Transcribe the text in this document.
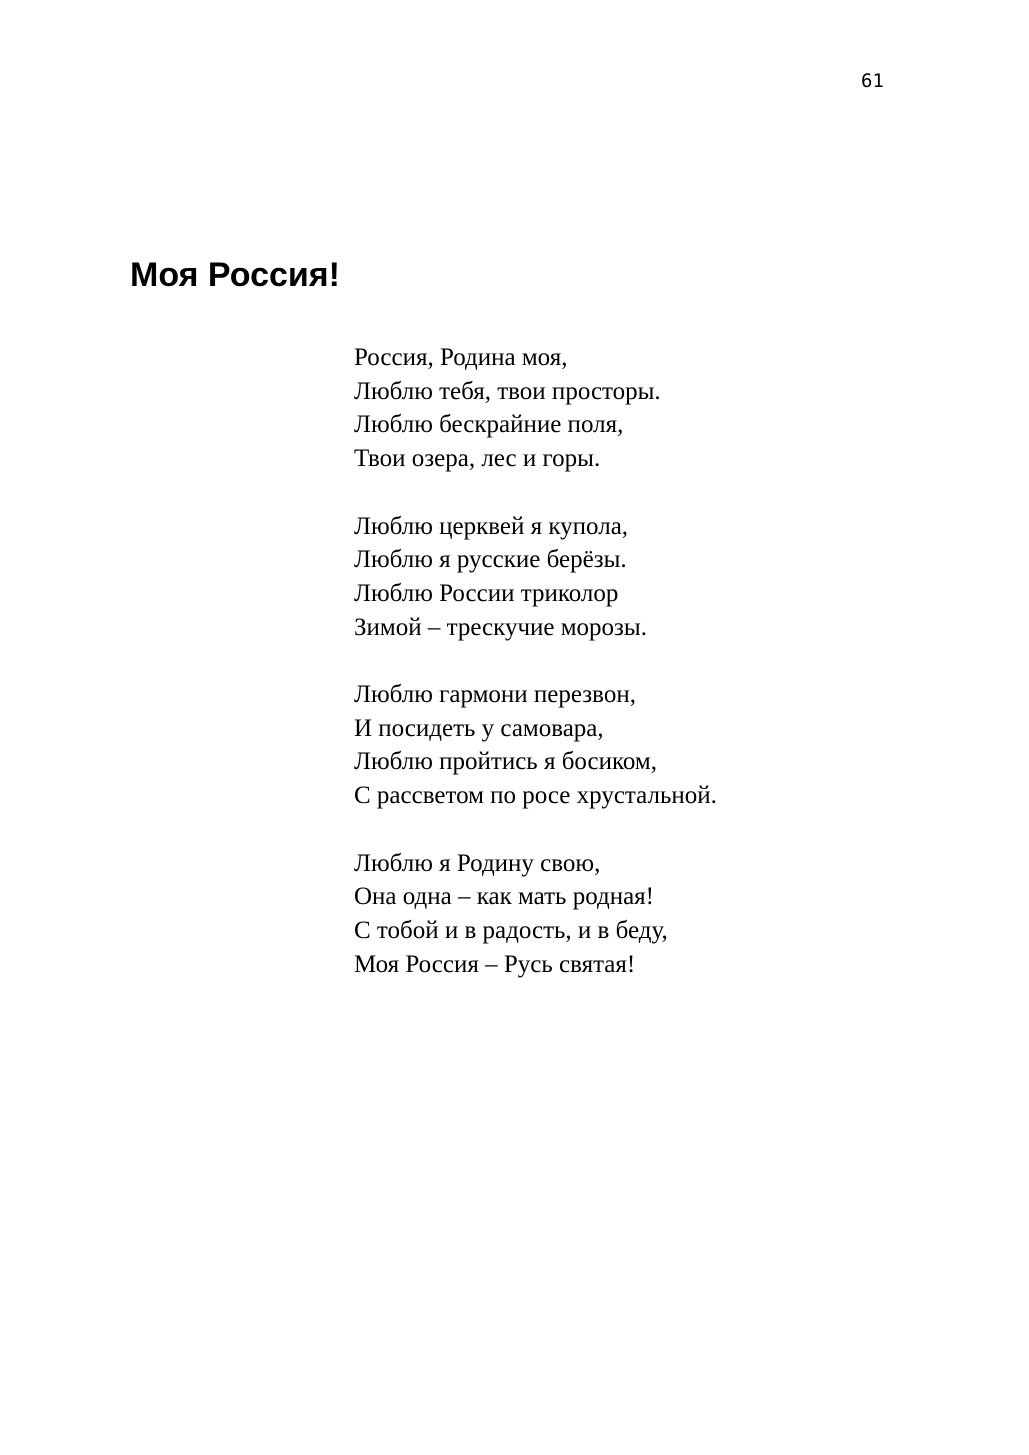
61
Моя Россия!
Россия, Родина моя,
Люблю тебя, твои просторы.
Люблю бескрайние поля,
Твои озера, лес и горы.
Люблю церквей я купола,
Люблю я русские берёзы.
Люблю России триколор
Зимой – трескучие морозы.
Люблю гармони перезвон,
И посидеть у самовара,
Люблю пройтись я босиком,
С рассветом по росе хрустальной.
Люблю я Родину свою,
Она одна – как мать родная!
С тобой и в радость, и в беду,
Моя Россия – Русь святая!
